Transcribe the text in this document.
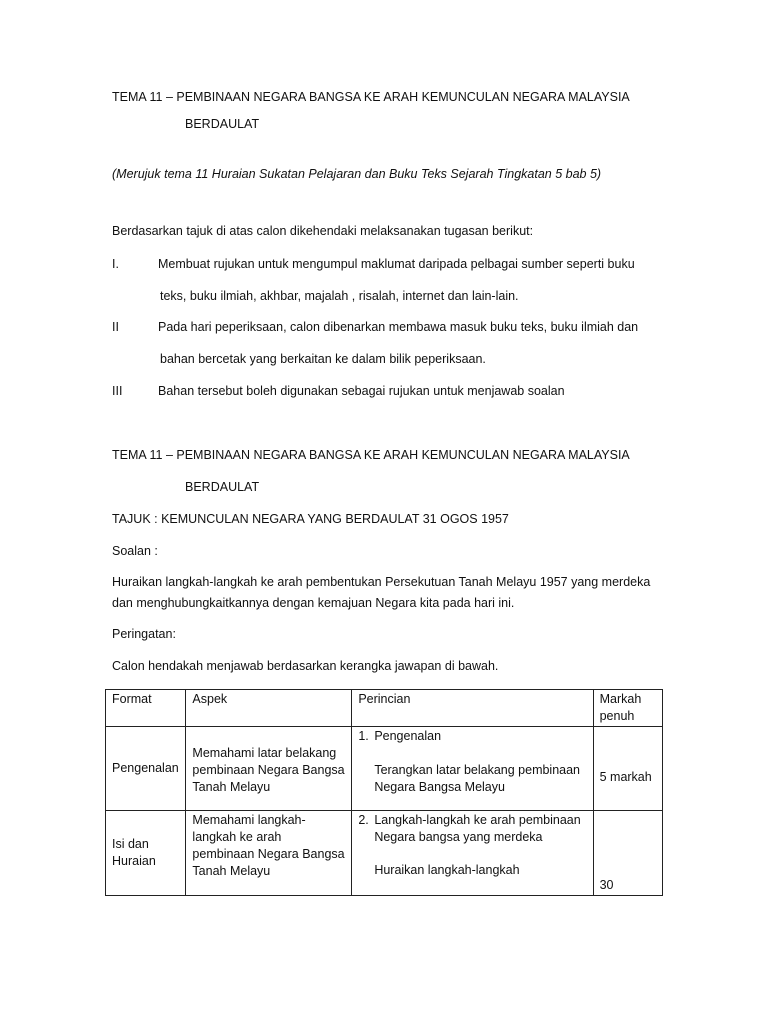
TEMA 11 – PEMBINAAN NEGARA BANGSA KE ARAH KEMUNCULAN NEGARA MALAYSIA
BERDAULAT
(Merujuk tema 11 Huraian Sukatan Pelajaran dan Buku Teks Sejarah Tingkatan 5 bab 5)
Berdasarkan tajuk di atas calon dikehendaki melaksanakan tugasan berikut:
I.	Membuat rujukan untuk mengumpul maklumat daripada pelbagai sumber seperti buku
teks, buku ilmiah, akhbar, majalah , risalah, internet dan lain-lain.
II	Pada hari peperiksaan, calon dibenarkan membawa masuk buku teks, buku ilmiah dan
bahan bercetak yang berkaitan ke dalam bilik peperiksaan.
III	Bahan tersebut boleh digunakan sebagai rujukan untuk menjawab soalan
TEMA 11 – PEMBINAAN NEGARA BANGSA KE ARAH KEMUNCULAN NEGARA MALAYSIA
BERDAULAT
TAJUK : KEMUNCULAN NEGARA YANG BERDAULAT 31 OGOS 1957
Soalan :
Huraikan langkah-langkah ke arah pembentukan Persekutuan Tanah Melayu 1957 yang merdeka
dan menghubungkaitkannya dengan kemajuan Negara kita pada hari ini.
Peringatan:
Calon hendakah menjawab berdasarkan kerangka jawapan di bawah.
Format	Aspek	Perincian	Markah penuh
Pengenalan	Memahami latar belakang pembinaan Negara Bangsa Tanah Melayu	1. Pengenalan
Terangkan latar belakang pembinaan Negara Bangsa Melayu	5 markah
Isi dan Huraian	Memahami langkah-langkah ke arah pembinaan Negara Bangsa Tanah Melayu	2. Langkah-langkah ke arah pembinaan Negara bangsa yang merdeka
Huraikan langkah-langkah	30
